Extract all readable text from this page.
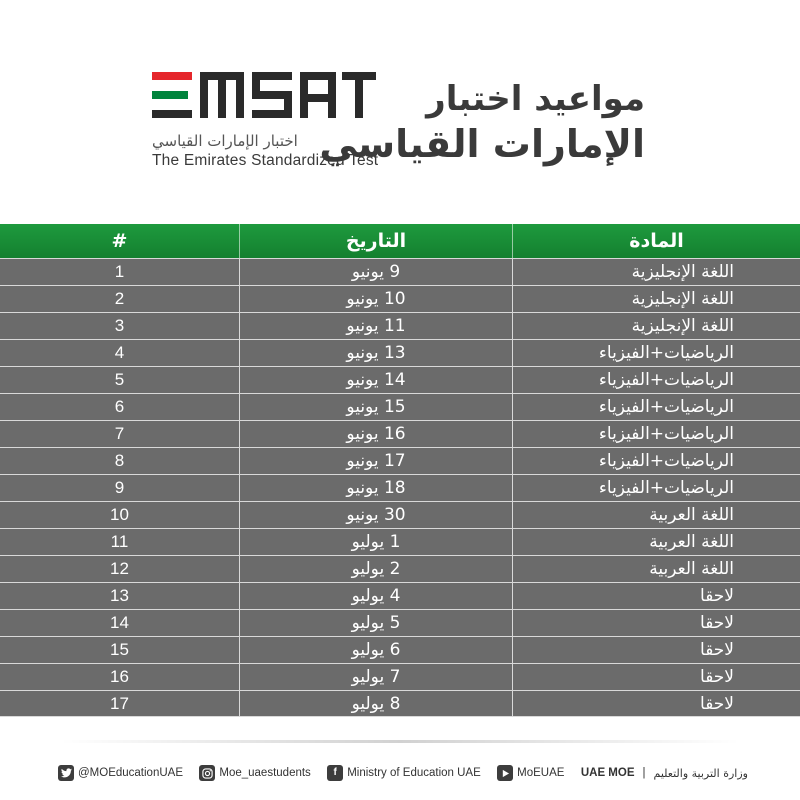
اختبار الإمارات القياسي
The Emirates Standardized Test
مواعيد اختبار
الإمارات القياسي
#	التاريخ	المادة
1	9 يونيو	اللغة الإنجليزية
2	10 يونيو	اللغة الإنجليزية
3	11 يونيو	اللغة الإنجليزية
4	13 يونيو	الرياضيات+الفيزياء
5	14 يونيو	الرياضيات+الفيزياء
6	15 يونيو	الرياضيات+الفيزياء
7	16 يونيو	الرياضيات+الفيزياء
8	17 يونيو	الرياضيات+الفيزياء
9	18 يونيو	الرياضيات+الفيزياء
10	30 يونيو	اللغة العربية
11	1 يوليو	اللغة العربية
12	2 يوليو	اللغة العربية
13	4 يوليو	لاحقا
14	5 يوليو	لاحقا
15	6 يوليو	لاحقا
16	7 يوليو	لاحقا
17	8 يوليو	لاحقا
@MOEducationUAE	Moe_uaestudents	f Ministry of Education UAE	MoEUAE UAE MOE | وزارة التربية والتعليم
